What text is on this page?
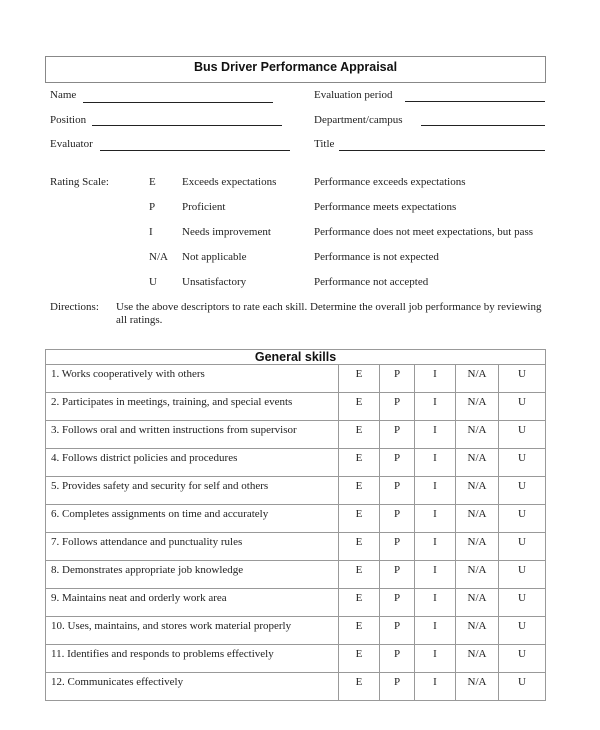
Bus Driver Performance Appraisal
Name	Evaluation period
Position	Department/campus
Evaluator	Title
Rating Scale:	E Exceeds expectations	Performance exceeds expectations
P Proficient	Performance meets expectations
I	Needs improvement	Performance does not meet expectations, but pass
N/A Not applicable	Performance is not expected
U Unsatisfactory	Performance not accepted
Directions: Use the above descriptors to rate each skill. Determine the overall job performance by reviewing
all ratings.
General skills					
1. Works cooperatively with others	E	P	I	N/A	U
2. Participates in meetings, training, and special events	E	P	I	N/A	U
3. Follows oral and written instructions from supervisor	E	P	I	N/A	U
4. Follows district policies and procedures	E	P	I	N/A	U
5. Provides safety and security for self and others	E	P	I	N/A	U
6. Completes assignments on time and accurately	E	P	I	N/A	U
7. Follows attendance and punctuality rules	E	P	I	N/A	U
8. Demonstrates appropriate job knowledge	E	P	I	N/A	U
9. Maintains neat and orderly work area	E	P	I	N/A	U
10. Uses, maintains, and stores work material properly	E	P	I	N/A	U
11. Identifies and responds to problems effectively	E	P	I	N/A	U
12. Communicates effectively	E	P	I	N/A	U
